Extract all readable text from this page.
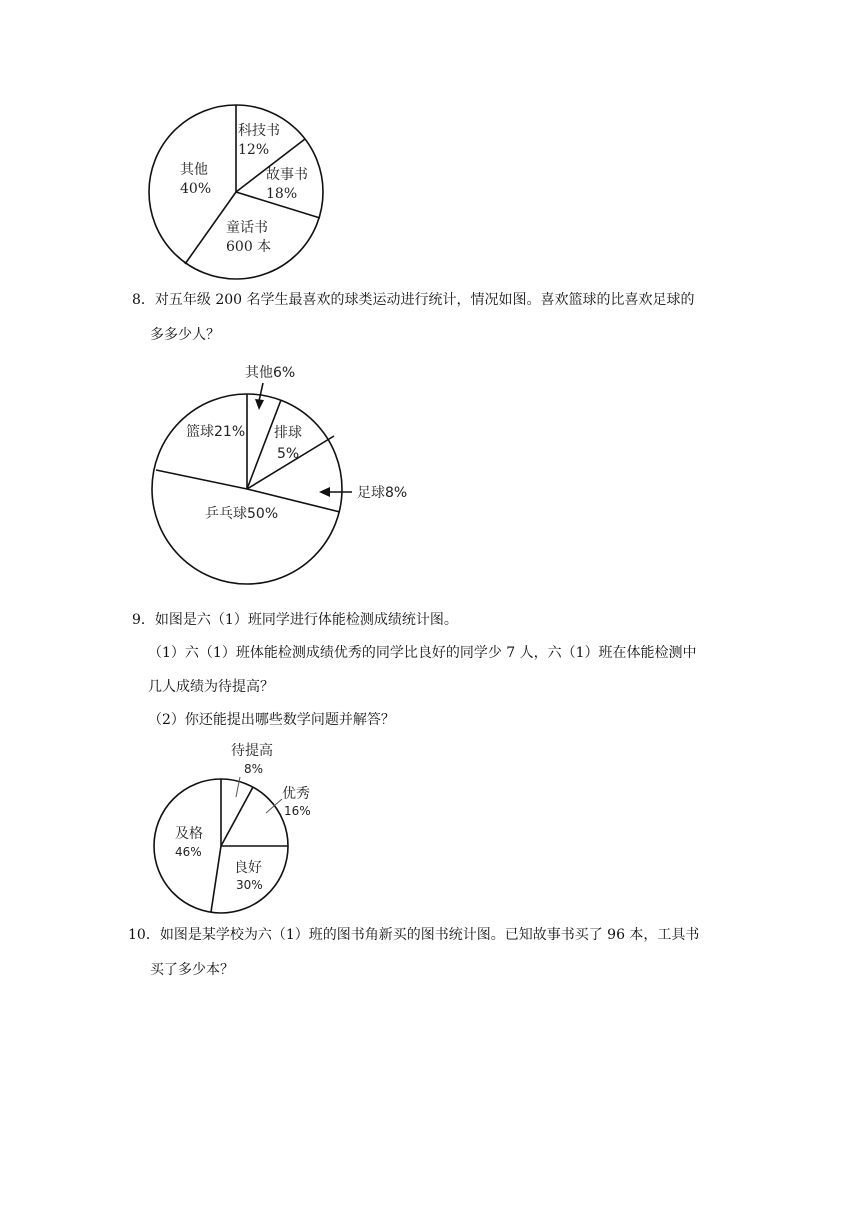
科技书
12%
故事书
18%
童话书
600 本
其他
40%
8．对五年级 200 名学生最喜欢的球类运动进行统计，情况如图。喜欢篮球的比喜欢足球的
多多少人？
其他6%
排球
5%
篮球21%
足球8%
乒乓球50%
9．如图是六（1）班同学进行体能检测成绩统计图。
（1）六（1）班体能检测成绩优秀的同学比良好的同学少 7 人，六（1）班在体能检测中
几人成绩为待提高？
（2）你还能提出哪些数学问题并解答？
待提高
8%
优秀
16%
及格
46%
良好
30%
10．如图是某学校为六（1）班的图书角新买的图书统计图。已知故事书买了 96 本，工具书
买了多少本？
